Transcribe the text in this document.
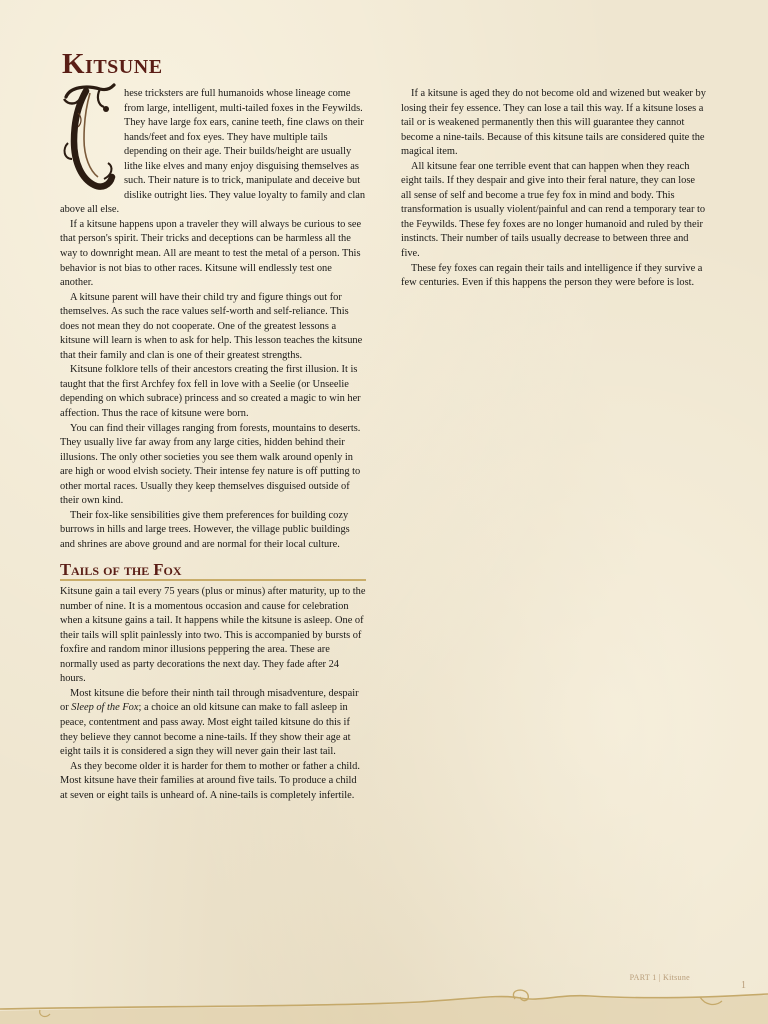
Kitsune

hese tricksters are full humanoids whose lineage come from large, intelligent, multi-tailed foxes in the Feywilds. They have large fox ears, canine teeth, fine claws on their hands/feet and fox eyes. They have multiple tails depending on their age. Their builds/height are usually lithe like elves and many enjoy disguising themselves as such. Their nature is to trick, manipulate and deceive but dislike outright lies. They value loyalty to family and clan above all else.

If a kitsune happens upon a traveler they will always be curious to see that person's spirit. Their tricks and deceptions can be harmless all the way to downright mean. All are meant to test the metal of a person. This behavior is not bias to other races. Kitsune will endlessly test one another.

A kitsune parent will have their child try and figure things out for themselves. As such the race values self-worth and self-reliance. This does not mean they do not cooperate. One of the greatest lessons a kitsune will learn is when to ask for help. This lesson teaches the kitsune that their family and clan is one of their greatest strengths.

Kitsune folklore tells of their ancestors creating the first illusion. It is taught that the first Archfey fox fell in love with a Seelie (or Unseelie depending on which subrace) princess and so created a magic to win her affection. Thus the race of kitsune were born.

You can find their villages ranging from forests, mountains to deserts. They usually live far away from any large cities, hidden behind their illusions. The only other societies you see them walk around openly in are high or wood elvish society. Their intense fey nature is off putting to other mortal races. Usually they keep themselves disguised outside of their own kind.

Their fox-like sensibilities give them preferences for building cozy burrows in hills and large trees. However, the village public buildings and shrines are above ground and are normal for their local culture.

Tails of the Fox

Kitsune gain a tail every 75 years (plus or minus) after maturity, up to the number of nine. It is a momentous occasion and cause for celebration when a kitsune gains a tail. It happens while the kitsune is asleep. One of their tails will split painlessly into two. This is accompanied by bursts of foxfire and random minor illusions peppering the area. These are normally used as party decorations the next day. They fade after 24 hours.

Most kitsune die before their ninth tail through misadventure, despair or Sleep of the Fox; a choice an old kitsune can make to fall asleep in peace, contentment and pass away. Most eight tailed kitsune do this if they believe they cannot become a nine-tails. If they show their age at eight tails it is considered a sign they will never gain their last tail.

As they become older it is harder for them to mother or father a child. Most kitsune have their families at around five tails. To produce a child at seven or eight tails is unheard of. A nine-tails is completely infertile.

If a kitsune is aged they do not become old and wizened but weaker by losing their fey essence. They can lose a tail this way. If a kitsune loses a tail or is weakened permanently then this will guarantee they cannot become a nine-tails. Because of this kitsune tails are considered quite the magical item.

All kitsune fear one terrible event that can happen when they reach eight tails. If they despair and give into their feral nature, they can lose all sense of self and become a true fey fox in mind and body. This transformation is usually violent/painful and can rend a temporary tear to the Feywilds. These fey foxes are no longer humanoid and ruled by their instincts. Their number of tails usually decrease to between three and five.

These fey foxes can regain their tails and intelligence if they survive a few centuries. Even if this happens the person they were before is lost.

PART 1 | Kitsune
1
